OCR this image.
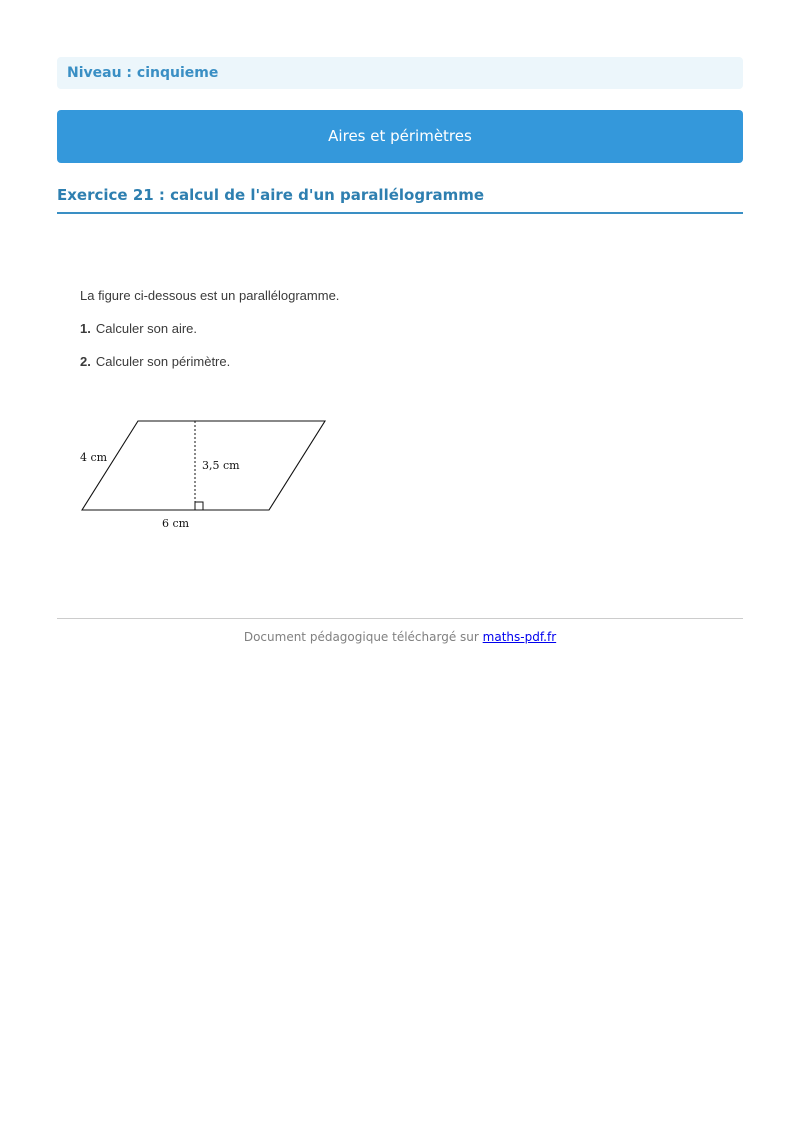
Niveau : cinquieme
Aires et périmètres
Exercice 21 : calcul de l'aire d'un parallélogramme

La figure ci-dessous est un parallélogramme.

1. Calculer son aire.

2. Calculer son périmètre.

4 cm
3,5 cm
6 cm
Document pédagogique téléchargé sur maths-pdf.fr
